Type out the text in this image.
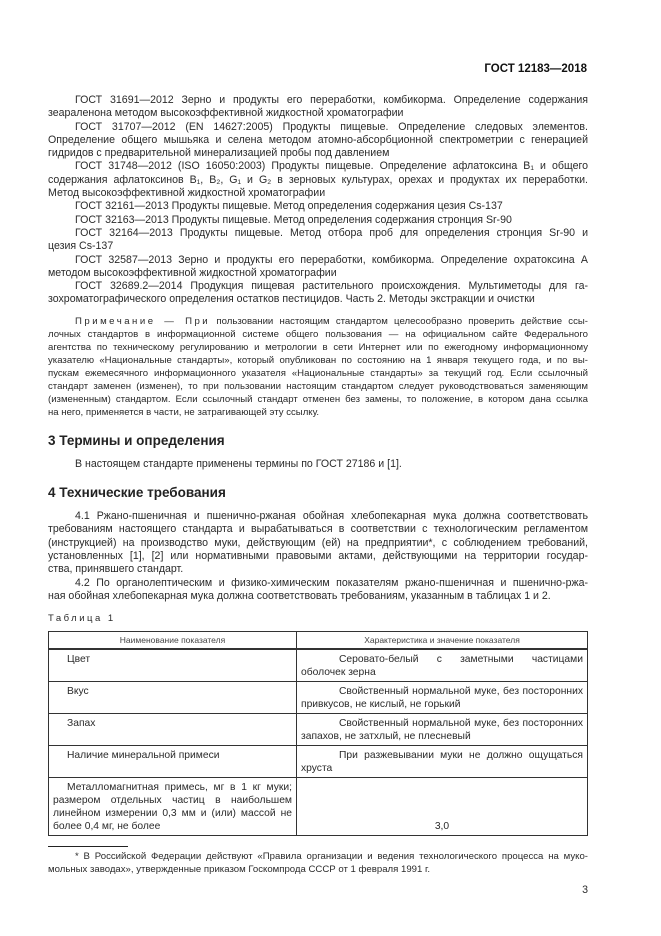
ГОСТ 12183—2018
ГОСТ 31691—2012 Зерно и продукты его переработки, комбикорма. Определение содержания
зеараленона методом высокоэффективной жидкостной хроматографии
ГОСТ 31707—2012 (EN 14627:2005) Продукты пищевые. Определение следовых элементов.
Определение общего мышьяка и селена методом атомно-абсорбционной спектрометрии с генерацией
гидридов с предварительной минерализацией пробы под давлением
ГОСТ 31748—2012 (ISO 16050:2003) Продукты пищевые. Определение афлатоксина B₁ и общего
содержания афлатоксинов B₁, B₂, G₁ и G₂ в зерновых культурах, орехах и продуктах их переработки.
Метод высокоэффективной жидкостной хроматографии
ГОСТ 32161—2013 Продукты пищевые. Метод определения содержания цезия Cs-137
ГОСТ 32163—2013 Продукты пищевые. Метод определения содержания стронция Sr-90
ГОСТ 32164—2013 Продукты пищевые. Метод отбора проб для определения стронция Sr-90 и
цезия Cs-137
ГОСТ 32587—2013 Зерно и продукты его переработки, комбикорма. Определение охратоксина А
методом высокоэффективной жидкостной хроматографии
ГОСТ 32689.2—2014 Продукция пищевая растительного происхождения. Мультиметоды для га-
зохроматографического определения остатков пестицидов. Часть 2. Методы экстракции и очистки
Примечание — При пользовании настоящим стандартом целесообразно проверить действие ссы-
лочных стандартов в информационной системе общего пользования — на официальном сайте Федерального
агентства по техническому регулированию и метрологии в сети Интернет или по ежегодному информационному
указателю «Национальные стандарты», который опубликован по состоянию на 1 января текущего года, и по вы-
пускам ежемесячного информационного указателя «Национальные стандарты» за текущий год. Если ссылочный
стандарт заменен (изменен), то при пользовании настоящим стандартом следует руководствоваться заменяющим
(измененным) стандартом. Если ссылочный стандарт отменен без замены, то положение, в котором дана ссылка
на него, применяется в части, не затрагивающей эту ссылку.
3 Термины и определения
В настоящем стандарте применены термины по ГОСТ 27186 и [1].
4 Технические требования
4.1 Ржано-пшеничная и пшенично-ржаная обойная хлебопекарная мука должна соответствовать
требованиям настоящего стандарта и вырабатываться в соответствии с технологическим регламентом
(инструкцией) на производство муки, действующим (ей) на предприятии*, с соблюдением требований,
установленных [1], [2] или нормативными правовыми актами, действующими на территории государ-
ства, принявшего стандарт.
4.2 По органолептическим и физико-химическим показателям ржано-пшеничная и пшенично-ржа-
ная обойная хлебопекарная мука должна соответствовать требованиям, указанным в таблицах 1 и 2.
Таблица 1
Наименование показателя	Характеристика и значение показателя
Цвет	Серовато-белый с заметными частицами оболочек зерна
Вкус	Свойственный нормальной муке, без посторонних привкусов, не кислый, не горький
Запах	Свойственный нормальной муке, без посторонних запахов, не затхлый, не плесневый
Наличие минеральной примеси	При разжевывании муки не должно ощущаться хруста
Металломагнитная примесь, мг в 1 кг муки; размером отдельных частиц в наибольшем линейном измерении 0,3 мм и (или) массой не более 0,4 мг, не более	3,0
* В Российской Федерации действуют «Правила организации и ведения технологического процесса на муко-
мольных заводах», утвержденные приказом Госкомпрода СССР от 1 февраля 1991 г.
3
